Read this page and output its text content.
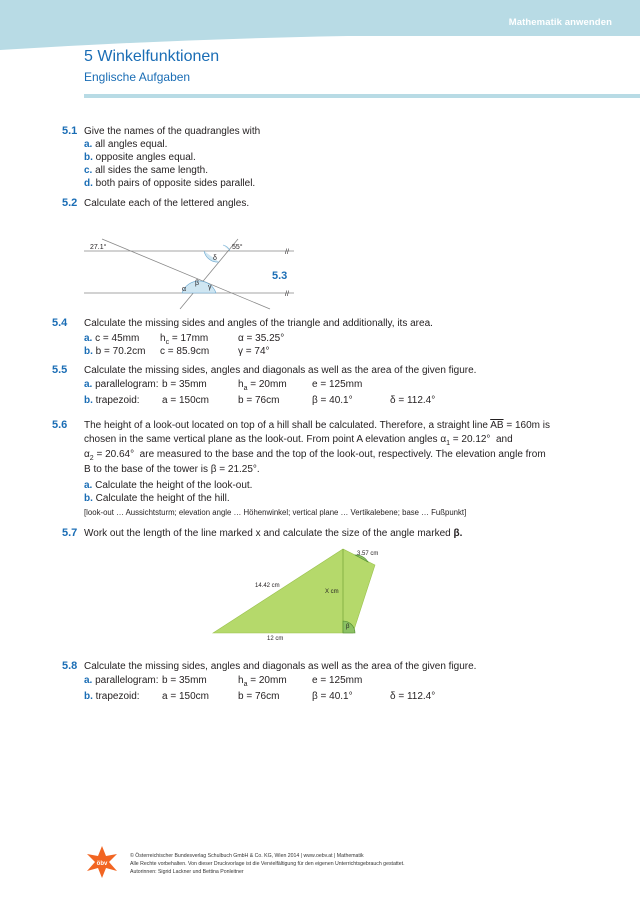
Mathematik anwenden
5 Winkelfunktionen
Englische Aufgaben
5.1 Give the names of the quadrangles with
a. all angles equal.
b. opposite angles equal.
c. all sides the same length.
d. both pairs of opposite sides parallel.
5.2 Calculate each of the lettered angles.
27.1°	55°
δ
β
α	γ
//
//
5.3
5.4 Calculate the missing sides and angles of the triangle and additionally, its area.
a. c = 45mm $h_c = 17mm$	α = 35.25°
b. b = 70.2cm c = 85.9cm	γ = 74°
5.5 Calculate the missing sides, angles and diagonals as well as the area of the given figure.
a. parallelogram: b = 35mm	$h_a = 20mm$	e = 125mm
b. trapezoid: a = 150cm	b = 76cm	β = 40.1°	δ = 112.4°
5.6 The height of a look-out located on top of a hill shall be calculated. Therefore, a straight line $\overline{AB} = 160m$ is
chosen in the same vertical plane as the look-out. From point A elevation angles $\alpha_1 = 20.12^\circ$ and
$\alpha_2 = 20.64^\circ$ are measured to the base and the top of the look-out, respectively. The elevation angle from
B to the base of the tower is β = 21.25°.
a. Calculate the height of the look-out.
b. Calculate the height of the hill.
[look-out … Aussichtsturm; elevation angle … Höhenwinkel; vertical plane … Vertikalebene; base … Fußpunkt]
5.7 Work out the length of the line marked x and calculate the size of the angle marked β.
14.42 cm
3.57 cm
X cm
12 cm
β
5.8 Calculate the missing sides, angles and diagonals as well as the area of the given figure.
a. parallelogram: b = 35mm	$h_a = 20mm$	e = 125mm
b. trapezoid: a = 150cm	b = 76cm	β = 40.1°	δ = 112.4°
öbv
© Österreichischer Bundesverlag Schulbuch GmbH & Co. KG, Wien 2014 | www.oebv.at | Mathematik
Alle Rechte vorbehalten. Von dieser Druckvorlage ist die Vervielfältigung für den eigenen Unterrichtsgebrauch gestattet.
Autorinnen: Sigrid Lackner und Bettina Ponleitner
